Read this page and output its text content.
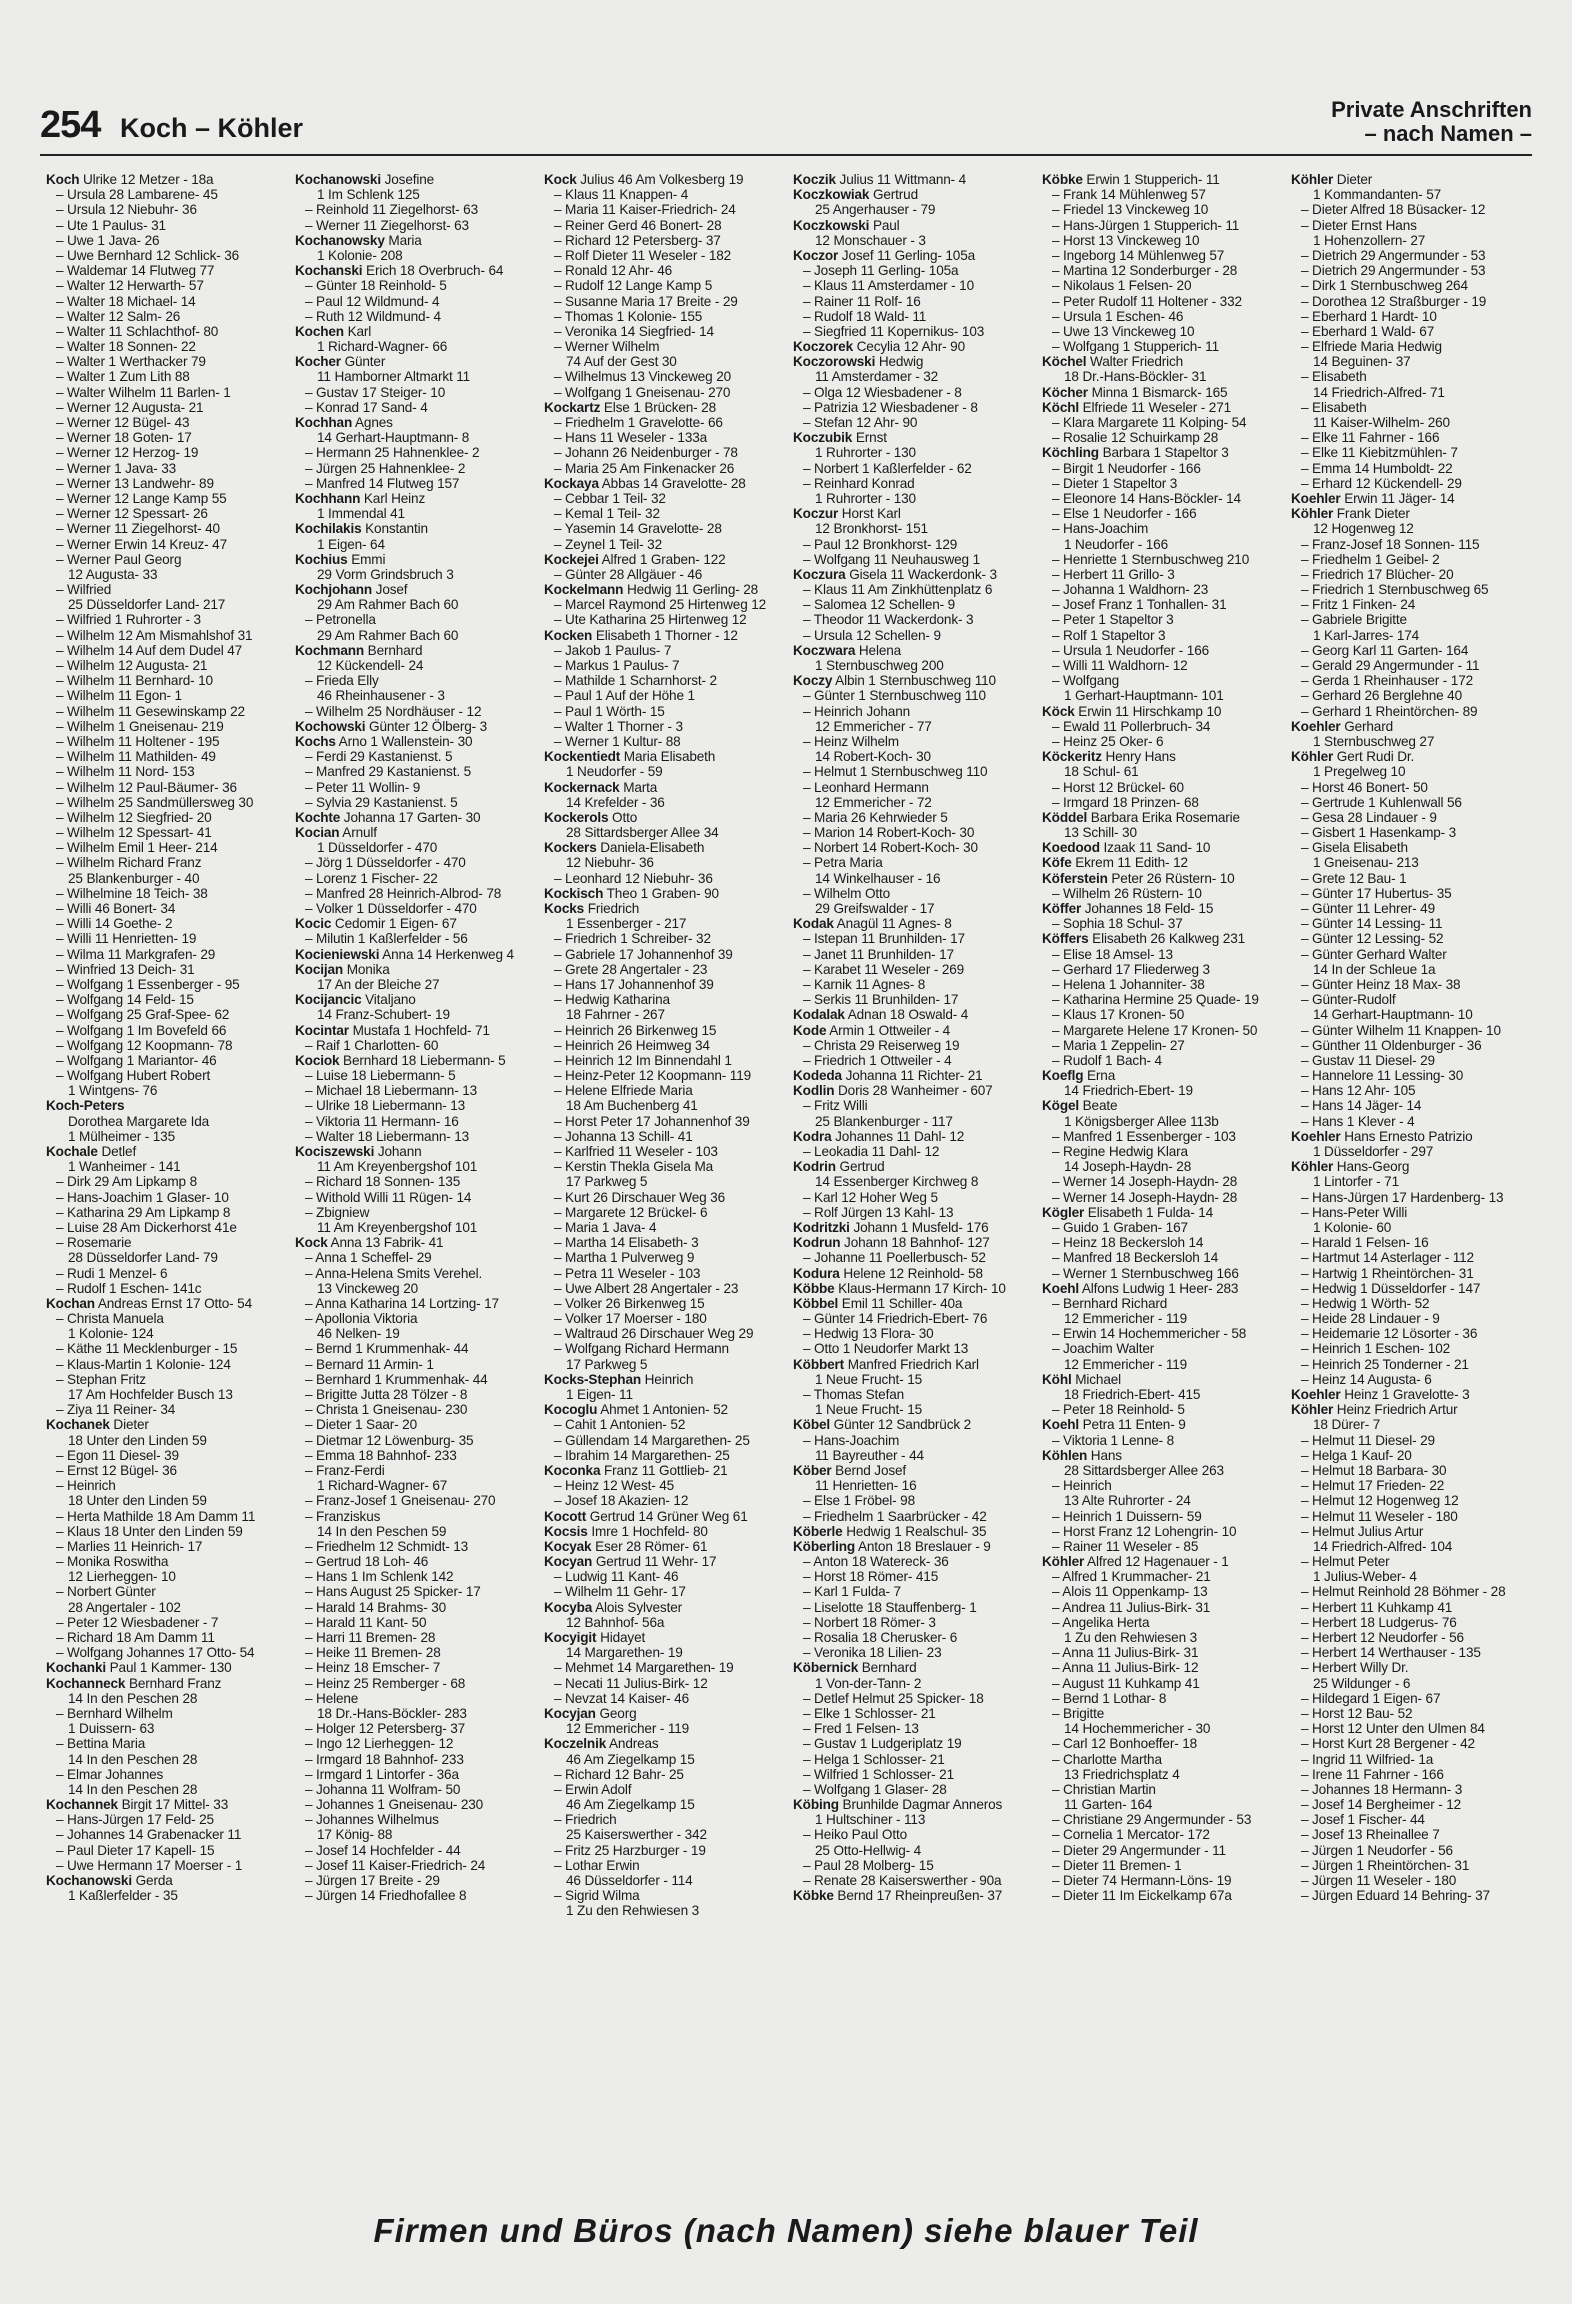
254 Koch – Köhler
Private Anschriften
– nach Namen –
Koch Ulrike 12 Metzer - 18a
– Ursula 28 Lambarene- 45
– Ursula 12 Niebuhr- 36
– Ute 1 Paulus- 31
– Uwe 1 Java- 26
– Uwe Bernhard 12 Schlick- 36
– Waldemar 14 Flutweg 77
– Walter 12 Herwarth- 57
– Walter 18 Michael- 14
– Walter 12 Salm- 26
– Walter 11 Schlachthof- 80
– Walter 18 Sonnen- 22
– Walter 1 Werthacker 79
– Walter 1 Zum Lith 88
– Walter Wilhelm 11 Barlen- 1
– Werner 12 Augusta- 21
– Werner 12 Bügel- 43
– Werner 18 Goten- 17
– Werner 12 Herzog- 19
– Werner 1 Java- 33
– Werner 13 Landwehr- 89
– Werner 12 Lange Kamp 55
– Werner 12 Spessart- 26
– Werner 11 Ziegelhorst- 40
– Werner Erwin 14 Kreuz- 47
– Werner Paul Georg
12 Augusta- 33
– Wilfried
25 Düsseldorfer Land- 217
– Wilfried 1 Ruhrorter - 3
– Wilhelm 12 Am Mismahlshof 31
– Wilhelm 14 Auf dem Dudel 47
– Wilhelm 12 Augusta- 21
– Wilhelm 11 Bernhard- 10
– Wilhelm 11 Egon- 1
– Wilhelm 11 Gesewinskamp 22
– Wilhelm 1 Gneisenau- 219
– Wilhelm 11 Holtener - 195
– Wilhelm 11 Mathilden- 49
– Wilhelm 11 Nord- 153
– Wilhelm 12 Paul-Bäumer- 36
– Wilhelm 25 Sandmüllersweg 30
– Wilhelm 12 Siegfried- 20
– Wilhelm 12 Spessart- 41
– Wilhelm Emil 1 Heer- 214
– Wilhelm Richard Franz
25 Blankenburger - 40
– Wilhelmine 18 Teich- 38
– Willi 46 Bonert- 34
– Willi 14 Goethe- 2
– Willi 11 Henrietten- 19
– Wilma 11 Markgrafen- 29
– Winfried 13 Deich- 31
– Wolfgang 1 Essenberger - 95
– Wolfgang 14 Feld- 15
– Wolfgang 25 Graf-Spee- 62
– Wolfgang 1 Im Bovefeld 66
– Wolfgang 12 Koopmann- 78
– Wolfgang 1 Mariantor- 46
– Wolfgang Hubert Robert
1 Wintgens- 76
Koch-Peters
Dorothea Margarete Ida
1 Mülheimer - 135
Kochale Detlef
1 Wanheimer - 141
– Dirk 29 Am Lipkamp 8
– Hans-Joachim 1 Glaser- 10
– Katharina 29 Am Lipkamp 8
– Luise 28 Am Dickerhorst 41e
– Rosemarie
28 Düsseldorfer Land- 79
– Rudi 1 Menzel- 6
– Rudolf 1 Eschen- 141c
Kochan Andreas Ernst 17 Otto- 54
– Christa Manuela
1 Kolonie- 124
– Käthe 11 Mecklenburger - 15
– Klaus-Martin 1 Kolonie- 124
– Stephan Fritz
17 Am Hochfelder Busch 13
– Ziya 11 Reiner- 34
Kochanek Dieter
18 Unter den Linden 59
– Egon 11 Diesel- 39
– Ernst 12 Bügel- 36
– Heinrich
18 Unter den Linden 59
– Herta Mathilde 18 Am Damm 11
– Klaus 18 Unter den Linden 59
– Marlies 11 Heinrich- 17
– Monika Roswitha
12 Lierheggen- 10
– Norbert Günter
28 Angertaler - 102
– Peter 12 Wiesbadener - 7
– Richard 18 Am Damm 11
– Wolfgang Johannes 17 Otto- 54
Kochanki Paul 1 Kammer- 130
Kochanneck Bernhard Franz
14 In den Peschen 28
– Bernhard Wilhelm
1 Duissern- 63
– Bettina Maria
14 In den Peschen 28
– Elmar Johannes
14 In den Peschen 28
Kochannek Birgit 17 Mittel- 33
– Hans-Jürgen 17 Feld- 25
– Johannes 14 Grabenacker 11
– Paul Dieter 17 Kapell- 15
– Uwe Hermann 17 Moerser - 1
Kochanowski Gerda
1 Kaßlerfelder - 35
Kochanowski Josefine
1 Im Schlenk 125
– Reinhold 11 Ziegelhorst- 63
– Werner 11 Ziegelhorst- 63
Kochanowsky Maria
1 Kolonie- 208
Kochanski Erich 18 Overbruch- 64
– Günter 18 Reinhold- 5
– Paul 12 Wildmund- 4
– Ruth 12 Wildmund- 4
Kochen Karl
1 Richard-Wagner- 66
Kocher Günter
11 Hamborner Altmarkt 11
– Gustav 17 Steiger- 10
– Konrad 17 Sand- 4
Kochhan Agnes
14 Gerhart-Hauptmann- 8
– Hermann 25 Hahnenklee- 2
– Jürgen 25 Hahnenklee- 2
– Manfred 14 Flutweg 157
Kochhann Karl Heinz
1 Immendal 41
Kochilakis Konstantin
1 Eigen- 64
Kochius Emmi
29 Vorm Grindsbruch 3
Kochjohann Josef
29 Am Rahmer Bach 60
– Petronella
29 Am Rahmer Bach 60
Kochmann Bernhard
12 Kückendell- 24
– Frieda Elly
46 Rheinhausener - 3
– Wilhelm 25 Nordhäuser - 12
Kochowski Günter 12 Ölberg- 3
Kochs Arno 1 Wallenstein- 30
– Ferdi 29 Kastanienst. 5
– Manfred 29 Kastanienst. 5
– Peter 11 Wollin- 9
– Sylvia 29 Kastanienst. 5
Kochte Johanna 17 Garten- 30
Kocian Arnulf
1 Düsseldorfer - 470
– Jörg 1 Düsseldorfer - 470
– Lorenz 1 Fischer- 22
– Manfred 28 Heinrich-Albrod- 78
– Volker 1 Düsseldorfer - 470
Kocic Cedomir 1 Eigen- 67
– Milutin 1 Kaßlerfelder - 56
Kocieniewski Anna 14 Herkenweg 4
Kocijan Monika
17 An der Bleiche 27
Kocijancic Vitaljano
14 Franz-Schubert- 19
Kocintar Mustafa 1 Hochfeld- 71
– Raif 1 Charlotten- 60
Kociok Bernhard 18 Liebermann- 5
– Luise 18 Liebermann- 5
– Michael 18 Liebermann- 13
– Ulrike 18 Liebermann- 13
– Viktoria 11 Hermann- 16
– Walter 18 Liebermann- 13
Kociszewski Johann
11 Am Kreyenbergshof 101
– Richard 18 Sonnen- 135
– Withold Willi 11 Rügen- 14
– Zbigniew
11 Am Kreyenbergshof 101
Kock Anna 13 Fabrik- 41
– Anna 1 Scheffel- 29
– Anna-Helena Smits Verehel.
13 Vinckeweg 20
– Anna Katharina 14 Lortzing- 17
– Apollonia Viktoria
46 Nelken- 19
– Bernd 1 Krummenhak- 44
– Bernard 11 Armin- 1
– Bernhard 1 Krummenhak- 44
– Brigitte Jutta 28 Tölzer - 8
– Christa 1 Gneisenau- 230
– Dieter 1 Saar- 20
– Dietmar 12 Löwenburg- 35
– Emma 18 Bahnhof- 233
– Franz-Ferdi
1 Richard-Wagner- 67
– Franz-Josef 1 Gneisenau- 270
– Franziskus
14 In den Peschen 59
– Friedhelm 12 Schmidt- 13
– Gertrud 18 Loh- 46
– Hans 1 Im Schlenk 142
– Hans August 25 Spicker- 17
– Harald 14 Brahms- 30
– Harald 11 Kant- 50
– Harri 11 Bremen- 28
– Heike 11 Bremen- 28
– Heinz 18 Emscher- 7
– Heinz 25 Remberger - 68
– Helene
18 Dr.-Hans-Böckler- 283
– Holger 12 Petersberg- 37
– Ingo 12 Lierheggen- 12
– Irmgard 18 Bahnhof- 233
– Irmgard 1 Lintorfer - 36a
– Johanna 11 Wolfram- 50
– Johannes 1 Gneisenau- 230
– Johannes Wilhelmus
17 König- 88
– Josef 14 Hochfelder - 44
– Josef 11 Kaiser-Friedrich- 24
– Jürgen 17 Breite - 29
– Jürgen 14 Friedhofallee 8
Kock Julius 46 Am Volkesberg 19
– Klaus 11 Knappen- 4
– Maria 11 Kaiser-Friedrich- 24
– Reiner Gerd 46 Bonert- 28
– Richard 12 Petersberg- 37
– Rolf Dieter 11 Weseler - 182
– Ronald 12 Ahr- 46
– Rudolf 12 Lange Kamp 5
– Susanne Maria 17 Breite - 29
– Thomas 1 Kolonie- 155
– Veronika 14 Siegfried- 14
– Werner Wilhelm
74 Auf der Gest 30
– Wilhelmus 13 Vinckeweg 20
– Wolfgang 1 Gneisenau- 270
Kockartz Else 1 Brücken- 28
– Friedhelm 1 Gravelotte- 66
– Hans 11 Weseler - 133a
– Johann 26 Neidenburger - 78
– Maria 25 Am Finkenacker 26
Kockaya Abbas 14 Gravelotte- 28
– Cebbar 1 Teil- 32
– Kemal 1 Teil- 32
– Yasemin 14 Gravelotte- 28
– Zeynel 1 Teil- 32
Kockejei Alfred 1 Graben- 122
– Günter 28 Allgäuer - 46
Kockelmann Hedwig 11 Gerling- 28
– Marcel Raymond 25 Hirtenweg 12
– Ute Katharina 25 Hirtenweg 12
Kocken Elisabeth 1 Thorner - 12
– Jakob 1 Paulus- 7
– Markus 1 Paulus- 7
– Mathilde 1 Scharnhorst- 2
– Paul 1 Auf der Höhe 1
– Paul 1 Wörth- 15
– Walter 1 Thorner - 3
– Werner 1 Kultur- 88
Kockentiedt Maria Elisabeth
1 Neudorfer - 59
Kockernack Marta
14 Krefelder - 36
Kockerols Otto
28 Sittardsberger Allee 34
Kockers Daniela-Elisabeth
12 Niebuhr- 36
– Leonhard 12 Niebuhr- 36
Kockisch Theo 1 Graben- 90
Kocks Friedrich
1 Essenberger - 217
– Friedrich 1 Schreiber- 32
– Gabriele 17 Johannenhof 39
– Grete 28 Angertaler - 23
– Hans 17 Johannenhof 39
– Hedwig Katharina
18 Fahrner - 267
– Heinrich 26 Birkenweg 15
– Heinrich 26 Heimweg 34
– Heinrich 12 Im Binnendahl 1
– Heinz-Peter 12 Koopmann- 119
– Helene Elfriede Maria
18 Am Buchenberg 41
– Horst Peter 17 Johannenhof 39
– Johanna 13 Schill- 41
– Karlfried 11 Weseler - 103
– Kerstin Thekla Gisela Ma
17 Parkweg 5
– Kurt 26 Dirschauer Weg 36
– Margarete 12 Brückel- 6
– Maria 1 Java- 4
– Martha 14 Elisabeth- 3
– Martha 1 Pulverweg 9
– Petra 11 Weseler - 103
– Uwe Albert 28 Angertaler - 23
– Volker 26 Birkenweg 15
– Volker 17 Moerser - 180
– Waltraud 26 Dirschauer Weg 29
– Wolfgang Richard Hermann
17 Parkweg 5
Kocks-Stephan Heinrich
1 Eigen- 11
Kocoglu Ahmet 1 Antonien- 52
– Cahit 1 Antonien- 52
– Güllendam 14 Margarethen- 25
– Ibrahim 14 Margarethen- 25
Koconka Franz 11 Gottlieb- 21
– Heinz 12 West- 45
– Josef 18 Akazien- 12
Kocott Gertrud 14 Grüner Weg 61
Kocsis Imre 1 Hochfeld- 80
Kocyak Eser 28 Römer- 61
Kocyan Gertrud 11 Wehr- 17
– Ludwig 11 Kant- 46
– Wilhelm 11 Gehr- 17
Kocyba Alois Sylvester
12 Bahnhof- 56a
Kocyigit Hidayet
14 Margarethen- 19
– Mehmet 14 Margarethen- 19
– Necati 11 Julius-Birk- 12
– Nevzat 14 Kaiser- 46
Kocyjan Georg
12 Emmericher - 119
Koczelnik Andreas
46 Am Ziegelkamp 15
– Richard 12 Bahr- 25
– Erwin Adolf
46 Am Ziegelkamp 15
– Friedrich
25 Kaiserswerther - 342
– Fritz 25 Harzburger - 19
– Lothar Erwin
46 Düsseldorfer - 114
– Sigrid Wilma
1 Zu den Rehwiesen 3
Koczik Julius 11 Wittmann- 4
Koczkowiak Gertrud
25 Angerhauser - 79
Koczkowski Paul
12 Monschauer - 3
Koczor Josef 11 Gerling- 105a
– Joseph 11 Gerling- 105a
– Klaus 11 Amsterdamer - 10
– Rainer 11 Rolf- 16
– Rudolf 18 Wald- 11
– Siegfried 11 Kopernikus- 103
Koczorek Cecylia 12 Ahr- 90
Koczorowski Hedwig
11 Amsterdamer - 32
– Olga 12 Wiesbadener - 8
– Patrizia 12 Wiesbadener - 8
– Stefan 12 Ahr- 90
Koczubik Ernst
1 Ruhrorter - 130
– Norbert 1 Kaßlerfelder - 62
– Reinhard Konrad
1 Ruhrorter - 130
Koczur Horst Karl
12 Bronkhorst- 151
– Paul 12 Bronkhorst- 129
– Wolfgang 11 Neuhausweg 1
Koczura Gisela 11 Wackerdonk- 3
– Klaus 11 Am Zinkhüttenplatz 6
– Salomea 12 Schellen- 9
– Theodor 11 Wackerdonk- 3
– Ursula 12 Schellen- 9
Koczwara Helena
1 Sternbuschweg 200
Koczy Albin 1 Sternbuschweg 110
– Günter 1 Sternbuschweg 110
– Heinrich Johann
12 Emmericher - 77
– Heinz Wilhelm
14 Robert-Koch- 30
– Helmut 1 Sternbuschweg 110
– Leonhard Hermann
12 Emmericher - 72
– Maria 26 Kehrwieder 5
– Marion 14 Robert-Koch- 30
– Norbert 14 Robert-Koch- 30
– Petra Maria
14 Winkelhauser - 16
– Wilhelm Otto
29 Greifswalder - 17
Kodak Anagül 11 Agnes- 8
– Istepan 11 Brunhilden- 17
– Janet 11 Brunhilden- 17
– Karabet 11 Weseler - 269
– Karnik 11 Agnes- 8
– Serkis 11 Brunhilden- 17
Kodalak Adnan 18 Oswald- 4
Kode Armin 1 Ottweiler - 4
– Christa 29 Reiserweg 19
– Friedrich 1 Ottweiler - 4
Kodeda Johanna 11 Richter- 21
Kodlin Doris 28 Wanheimer - 607
– Fritz Willi
25 Blankenburger - 117
Kodra Johannes 11 Dahl- 12
– Leokadia 11 Dahl- 12
Kodrin Gertrud
14 Essenberger Kirchweg 8
– Karl 12 Hoher Weg 5
– Rolf Jürgen 13 Kahl- 13
Kodritzki Johann 1 Musfeld- 176
Kodrun Johann 18 Bahnhof- 127
– Johanne 11 Poellerbusch- 52
Kodura Helene 12 Reinhold- 58
Köbbe Klaus-Hermann 17 Kirch- 10
Köbbel Emil 11 Schiller- 40a
– Günter 14 Friedrich-Ebert- 76
– Hedwig 13 Flora- 30
– Otto 1 Neudorfer Markt 13
Köbbert Manfred Friedrich Karl
1 Neue Frucht- 15
– Thomas Stefan
1 Neue Frucht- 15
Köbel Günter 12 Sandbrück 2
– Hans-Joachim
11 Bayreuther - 44
Köber Bernd Josef
11 Henrietten- 16
– Else 1 Fröbel- 98
– Friedhelm 1 Saarbrücker - 42
Köberle Hedwig 1 Realschul- 35
Köberling Anton 18 Breslauer - 9
– Anton 18 Watereck- 36
– Horst 18 Römer- 415
– Karl 1 Fulda- 7
– Liselotte 18 Stauffenberg- 1
– Norbert 18 Römer- 3
– Rosalia 18 Cherusker- 6
– Veronika 18 Lilien- 23
Köbernick Bernhard
1 Von-der-Tann- 2
– Detlef Helmut 25 Spicker- 18
– Elke 1 Schlosser- 21
– Fred 1 Felsen- 13
– Gustav 1 Ludgeriplatz 19
– Helga 1 Schlosser- 21
– Wilfried 1 Schlosser- 21
– Wolfgang 1 Glaser- 28
Köbing Brunhilde Dagmar Anneros
1 Hultschiner - 113
– Heiko Paul Otto
25 Otto-Hellwig- 4
– Paul 28 Molberg- 15
– Renate 28 Kaiserswerther - 90a
Köbke Bernd 17 Rheinpreußen- 37
Köbke Erwin 1 Stupperich- 11
– Frank 14 Mühlenweg 57
– Friedel 13 Vinckeweg 10
– Hans-Jürgen 1 Stupperich- 11
– Horst 13 Vinckeweg 10
– Ingeborg 14 Mühlenweg 57
– Martina 12 Sonderburger - 28
– Nikolaus 1 Felsen- 20
– Peter Rudolf 11 Holtener - 332
– Ursula 1 Eschen- 46
– Uwe 13 Vinckeweg 10
– Wolfgang 1 Stupperich- 11
Köchel Walter Friedrich
18 Dr.-Hans-Böckler- 31
Köcher Minna 1 Bismarck- 165
Köchl Elfriede 11 Weseler - 271
– Klara Margarete 11 Kolping- 54
– Rosalie 12 Schuirkamp 28
Köchling Barbara 1 Stapeltor 3
– Birgit 1 Neudorfer - 166
– Dieter 1 Stapeltor 3
– Eleonore 14 Hans-Böckler- 14
– Else 1 Neudorfer - 166
– Hans-Joachim
1 Neudorfer - 166
– Henriette 1 Sternbuschweg 210
– Herbert 11 Grillo- 3
– Johanna 1 Waldhorn- 23
– Josef Franz 1 Tonhallen- 31
– Peter 1 Stapeltor 3
– Rolf 1 Stapeltor 3
– Ursula 1 Neudorfer - 166
– Willi 11 Waldhorn- 12
– Wolfgang
1 Gerhart-Hauptmann- 101
Köck Erwin 11 Hirschkamp 10
– Ewald 11 Pollerbruch- 34
– Heinz 25 Oker- 6
Köckeritz Henry Hans
18 Schul- 61
– Horst 12 Brückel- 60
– Irmgard 18 Prinzen- 68
Köddel Barbara Erika Rosemarie
13 Schill- 30
Koedood Izaak 11 Sand- 10
Köfe Ekrem 11 Edith- 12
Köferstein Peter 26 Rüstern- 10
– Wilhelm 26 Rüstern- 10
Köffer Johannes 18 Feld- 15
– Sophia 18 Schul- 37
Köffers Elisabeth 26 Kalkweg 231
– Elise 18 Amsel- 13
– Gerhard 17 Fliederweg 3
– Helena 1 Johanniter- 38
– Katharina Hermine 25 Quade- 19
– Klaus 17 Kronen- 50
– Margarete Helene 17 Kronen- 50
– Maria 1 Zeppelin- 27
– Rudolf 1 Bach- 4
Koeflg Erna
14 Friedrich-Ebert- 19
Kögel Beate
1 Königsberger Allee 113b
– Manfred 1 Essenberger - 103
– Regine Hedwig Klara
14 Joseph-Haydn- 28
– Werner 14 Joseph-Haydn- 28
– Werner 14 Joseph-Haydn- 28
Kögler Elisabeth 1 Fulda- 14
– Guido 1 Graben- 167
– Heinz 18 Beckersloh 14
– Manfred 18 Beckersloh 14
– Werner 1 Sternbuschweg 166
Koehl Alfons Ludwig 1 Heer- 283
– Bernhard Richard
12 Emmericher - 119
– Erwin 14 Hochemmericher - 58
– Joachim Walter
12 Emmericher - 119
Köhl Michael
18 Friedrich-Ebert- 415
– Peter 18 Reinhold- 5
Koehl Petra 11 Enten- 9
– Viktoria 1 Lenne- 8
Köhlen Hans
28 Sittardsberger Allee 263
– Heinrich
13 Alte Ruhrorter - 24
– Heinrich 1 Duissern- 59
– Horst Franz 12 Lohengrin- 10
– Rainer 11 Weseler - 85
Köhler Alfred 12 Hagenauer - 1
– Alfred 1 Krummacher- 21
– Alois 11 Oppenkamp- 13
– Andrea 11 Julius-Birk- 31
– Angelika Herta
1 Zu den Rehwiesen 3
– Anna 11 Julius-Birk- 31
– Anna 11 Julius-Birk- 12
– August 11 Kuhkamp 41
– Bernd 1 Lothar- 8
– Brigitte
14 Hochemmericher - 30
– Carl 12 Bonhoeffer- 18
– Charlotte Martha
13 Friedrichsplatz 4
– Christian Martin
11 Garten- 164
– Christiane 29 Angermunder - 53
– Cornelia 1 Mercator- 172
– Dieter 29 Angermunder - 11
– Dieter 11 Bremen- 1
– Dieter 74 Hermann-Löns- 19
– Dieter 11 Im Eickelkamp 67a
Köhler Dieter
1 Kommandanten- 57
– Dieter Alfred 18 Büsacker- 12
– Dieter Ernst Hans
1 Hohenzollern- 27
– Dietrich 29 Angermunder - 53
– Dietrich 29 Angermunder - 53
– Dirk 1 Sternbuschweg 264
– Dorothea 12 Straßburger - 19
– Eberhard 1 Hardt- 10
– Eberhard 1 Wald- 67
– Elfriede Maria Hedwig
14 Beguinen- 37
– Elisabeth
14 Friedrich-Alfred- 71
– Elisabeth
11 Kaiser-Wilhelm- 260
– Elke 11 Fahrner - 166
– Elke 11 Kiebitzmühlen- 7
– Emma 14 Humboldt- 22
– Erhard 12 Kückendell- 29
Koehler Erwin 11 Jäger- 14
Köhler Frank Dieter
12 Hogenweg 12
– Franz-Josef 18 Sonnen- 115
– Friedhelm 1 Geibel- 2
– Friedrich 17 Blücher- 20
– Friedrich 1 Sternbuschweg 65
– Fritz 1 Finken- 24
– Gabriele Brigitte
1 Karl-Jarres- 174
– Georg Karl 11 Garten- 164
– Gerald 29 Angermunder - 11
– Gerda 1 Rheinhauser - 172
– Gerhard 26 Berglehne 40
– Gerhard 1 Rheintörchen- 89
Koehler Gerhard
1 Sternbuschweg 27
Köhler Gert Rudi Dr.
1 Pregelweg 10
– Horst 46 Bonert- 50
– Gertrude 1 Kuhlenwall 56
– Gesa 28 Lindauer - 9
– Gisbert 1 Hasenkamp- 3
– Gisela Elisabeth
1 Gneisenau- 213
– Grete 12 Bau- 1
– Günter 17 Hubertus- 35
– Günter 11 Lehrer- 49
– Günter 14 Lessing- 11
– Günter 12 Lessing- 52
– Günter Gerhard Walter
14 In der Schleue 1a
– Günter Heinz 18 Max- 38
– Günter-Rudolf
14 Gerhart-Hauptmann- 10
– Günter Wilhelm 11 Knappen- 10
– Günther 11 Oldenburger - 36
– Gustav 11 Diesel- 29
– Hannelore 11 Lessing- 30
– Hans 12 Ahr- 105
– Hans 14 Jäger- 14
– Hans 1 Klever - 4
Koehler Hans Ernesto Patrizio
1 Düsseldorfer - 297
Köhler Hans-Georg
1 Lintorfer - 71
– Hans-Jürgen 17 Hardenberg- 13
– Hans-Peter Willi
1 Kolonie- 60
– Harald 1 Felsen- 16
– Hartmut 14 Asterlager - 112
– Hartwig 1 Rheintörchen- 31
– Hedwig 1 Düsseldorfer - 147
– Hedwig 1 Wörth- 52
– Heide 28 Lindauer - 9
– Heidemarie 12 Lösorter - 36
– Heinrich 1 Eschen- 102
– Heinrich 25 Tonderner - 21
– Heinz 14 Augusta- 6
Koehler Heinz 1 Gravelotte- 3
Köhler Heinz Friedrich Artur
18 Dürer- 7
– Helmut 11 Diesel- 29
– Helga 1 Kauf- 20
– Helmut 18 Barbara- 30
– Helmut 17 Frieden- 22
– Helmut 12 Hogenweg 12
– Helmut 11 Weseler - 180
– Helmut Julius Artur
14 Friedrich-Alfred- 104
– Helmut Peter
1 Julius-Weber- 4
– Helmut Reinhold 28 Böhmer - 28
– Herbert 11 Kuhkamp 41
– Herbert 18 Ludgerus- 76
– Herbert 12 Neudorfer - 56
– Herbert 14 Werthauser - 135
– Herbert Willy Dr.
25 Wildunger - 6
– Hildegard 1 Eigen- 67
– Horst 12 Bau- 52
– Horst 12 Unter den Ulmen 84
– Horst Kurt 28 Bergener - 42
– Ingrid 11 Wilfried- 1a
– Irene 11 Fahrner - 166
– Johannes 18 Hermann- 3
– Josef 14 Bergheimer - 12
– Josef 1 Fischer- 44
– Josef 13 Rheinallee 7
– Jürgen 1 Neudorfer - 56
– Jürgen 1 Rheintörchen- 31
– Jürgen 11 Weseler - 180
– Jürgen Eduard 14 Behring- 37
Firmen und Büros (nach Namen) siehe blauer Teil
